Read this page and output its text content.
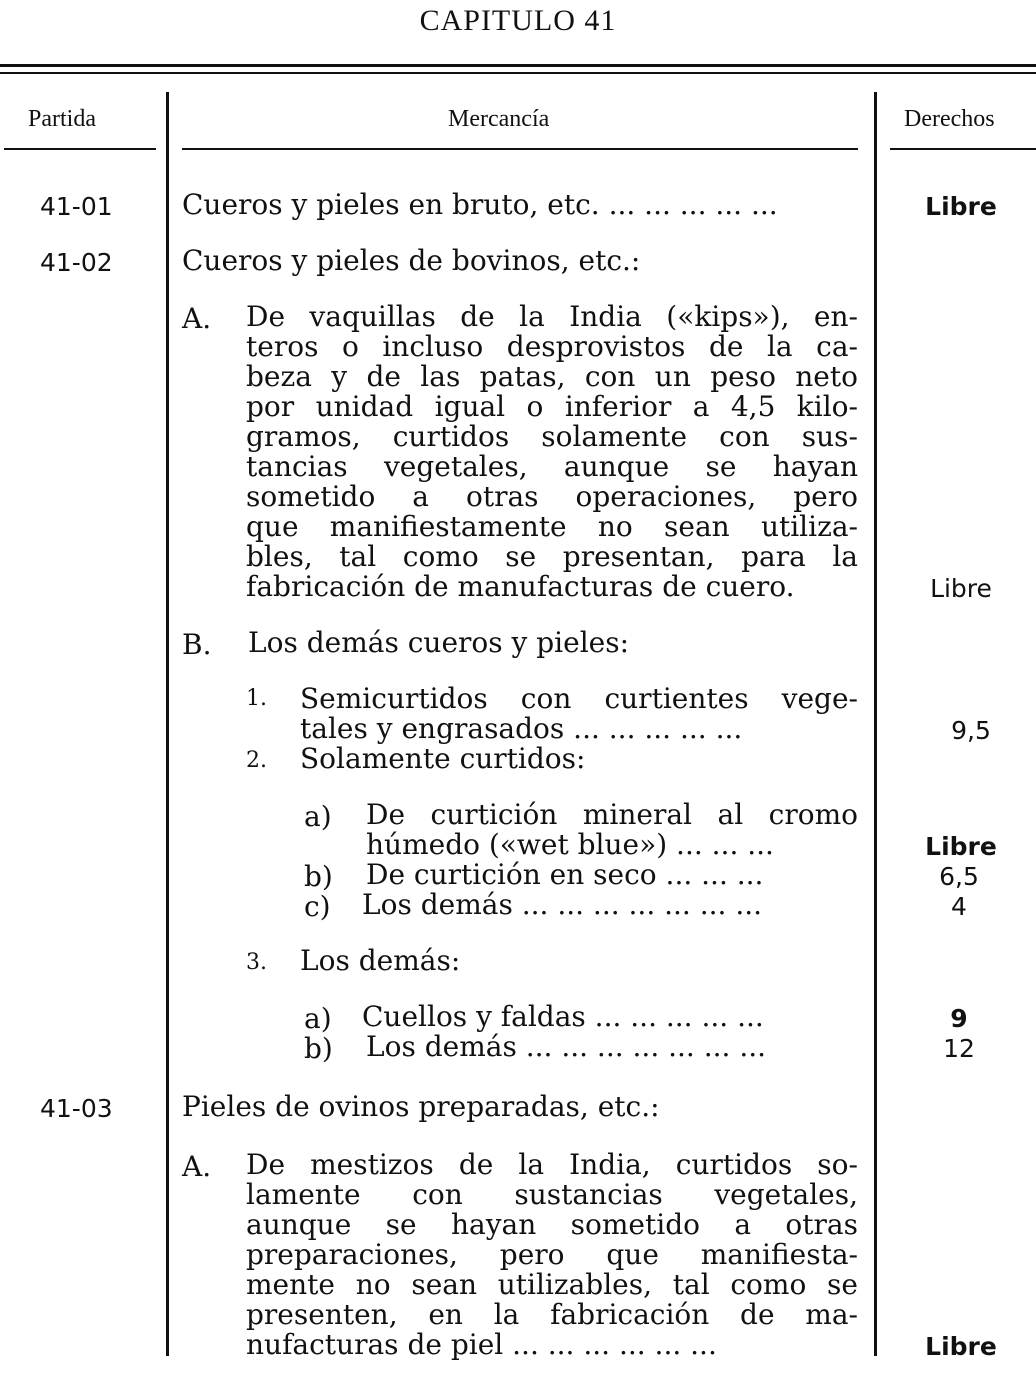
CAPITULO 41
Partida	Mercancía	Derechos
41-01 Cueros y pieles en bruto, etc. ... ... ... ... ...	Libre
41-02 Cueros y pieles de bovinos, etc.:
A. De vaquillas de la India («kips»), en-
teros o incluso desprovistos de la ca-
beza y de las patas, con un peso neto
por unidad igual o inferior a 4,5 kilo-
gramos, curtidos solamente con sus-
tancias vegetales, aunque se hayan
sometido a otras operaciones, pero
que manifiestamente no sean utiliza-
bles, tal como se presentan, para la
fabricación de manufacturas de cuero.	Libre
B. Los demás cueros y pieles:
1. Semicurtidos con curtientes vege-
tales y engrasados ... ... ... ... ...	9,5
2. Solamente curtidos:
a) De curtición mineral al cromo
húmedo («wet blue») ... ... ...	Libre
b) De curtición en seco ... ... ...	6,5
c) Los demás ... ... ... ... ... ... ...	4
3. Los demás:
a) Cuellos y faldas ... ... ... ... ...	9
b) Los demás ... ... ... ... ... ... ...	12
41-03 Pieles de ovinos preparadas, etc.:
A. De mestizos de la India, curtidos so-
lamente con sustancias vegetales,
aunque se hayan sometido a otras
preparaciones, pero que manifiesta-
mente no sean utilizables, tal como se
presenten, en la fabricación de ma-
nufacturas de piel ... ... ... ... ... ...	Libre
